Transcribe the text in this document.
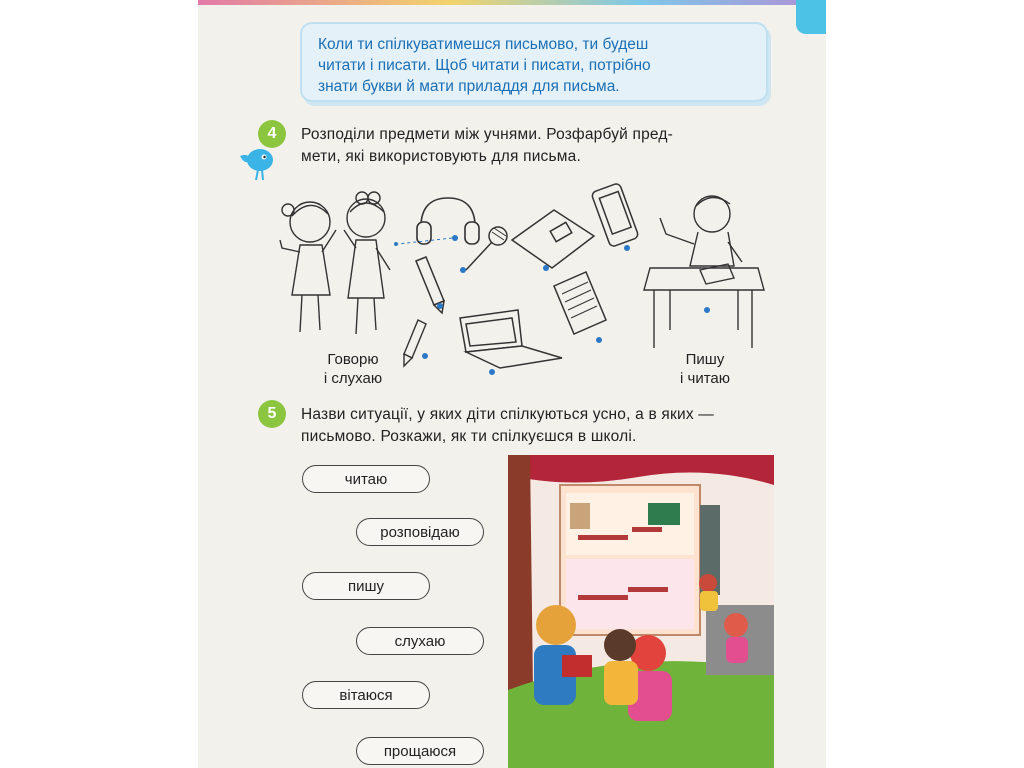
Коли ти спілкуватимешся письмово, ти будеш
читати і писати. Щоб читати і писати, потрібно
знати букви й мати приладдя для письма.
4	Розподіли предмети між учнями. Розфарбуй пред-
мети, які використовують для письма.
Говорю
і слухаю
Пишу
і читаю
5	Назви ситуації, у яких діти спілкуються усно, а в яких —
письмово. Розкажи, як ти спілкуєшся в школі.
читаю
розповідаю
пишу
слухаю
вітаюся
прощаюся
